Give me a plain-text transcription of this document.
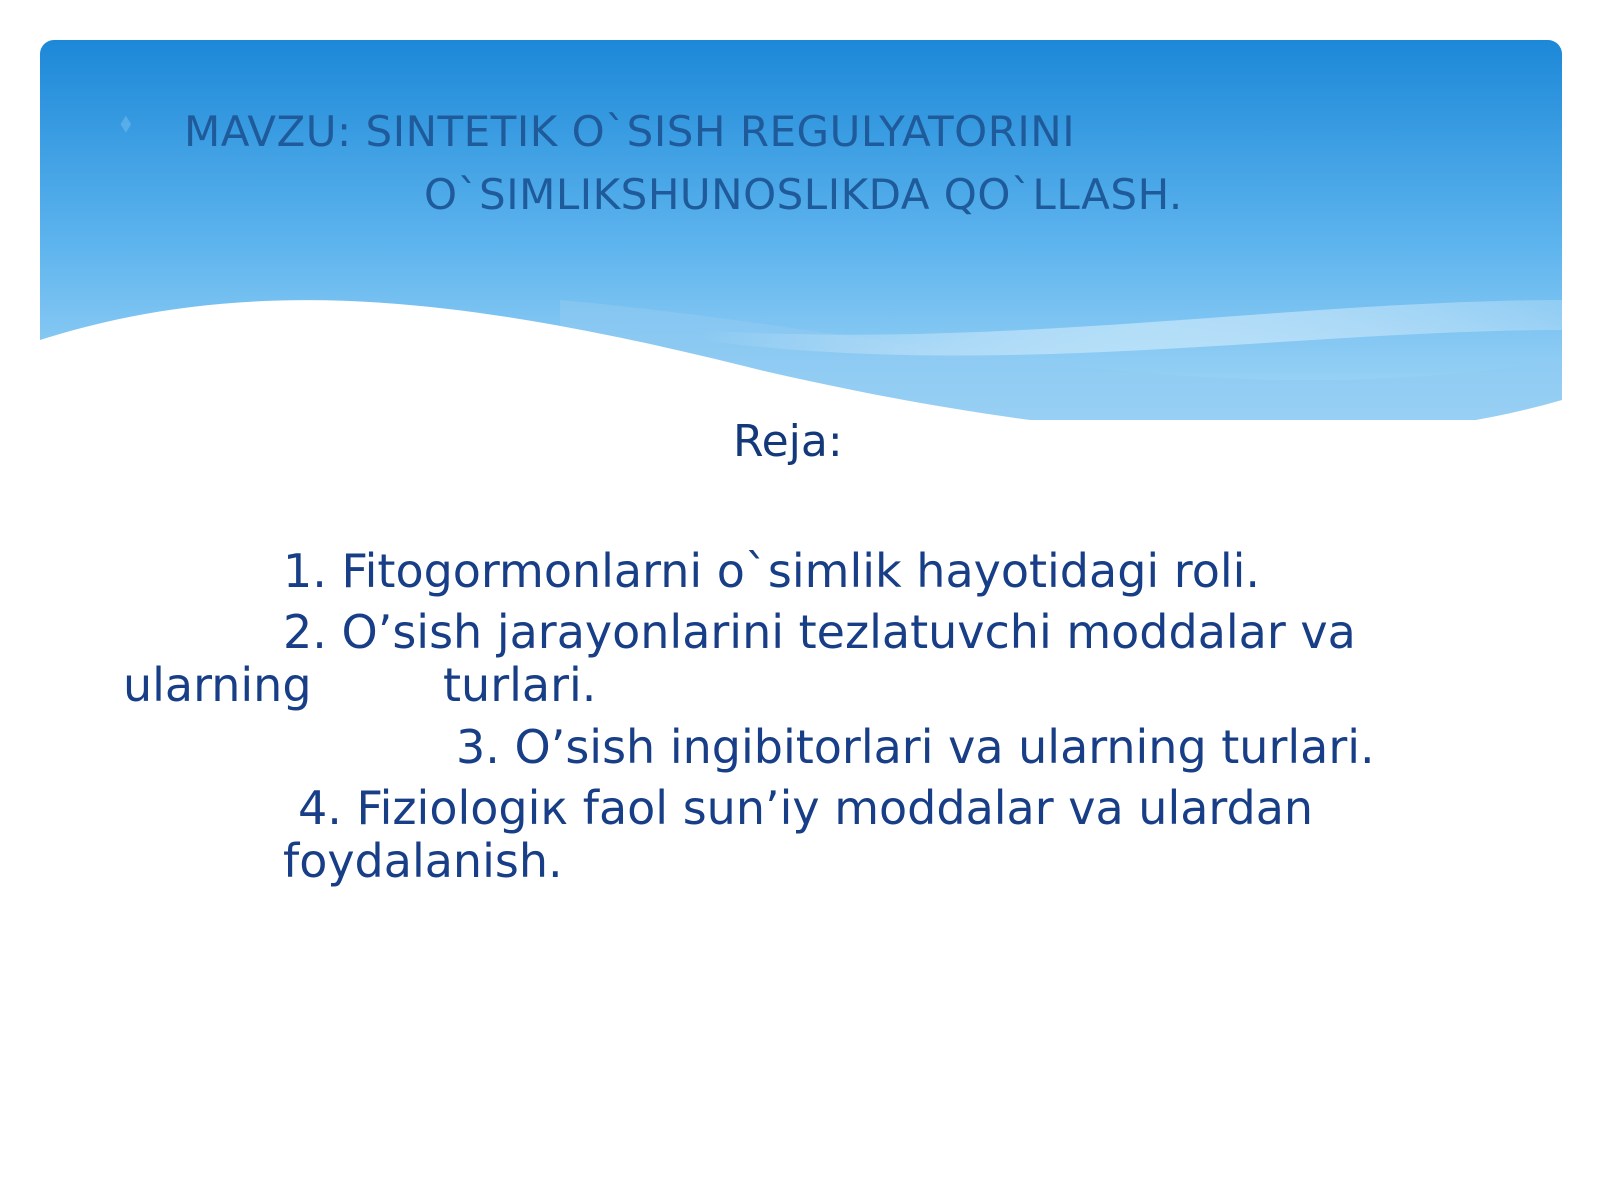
⬧ MAVZU: SINTETIK O`SISH REGULYATORINI
O`SIMLIKSHUNOSLIKDA QO`LLASH.
Reja:
1. Fitogormonlarni o`simlik hayotidagi roli.
2. O’sish jarayonlarini tezlatuvchi moddalar va
ularning	turlari.
3. O’sish ingibitorlari va ularning turlari.
4. Fiziologiк faol sun’iy moddalar va ulardan
foydalanish.
